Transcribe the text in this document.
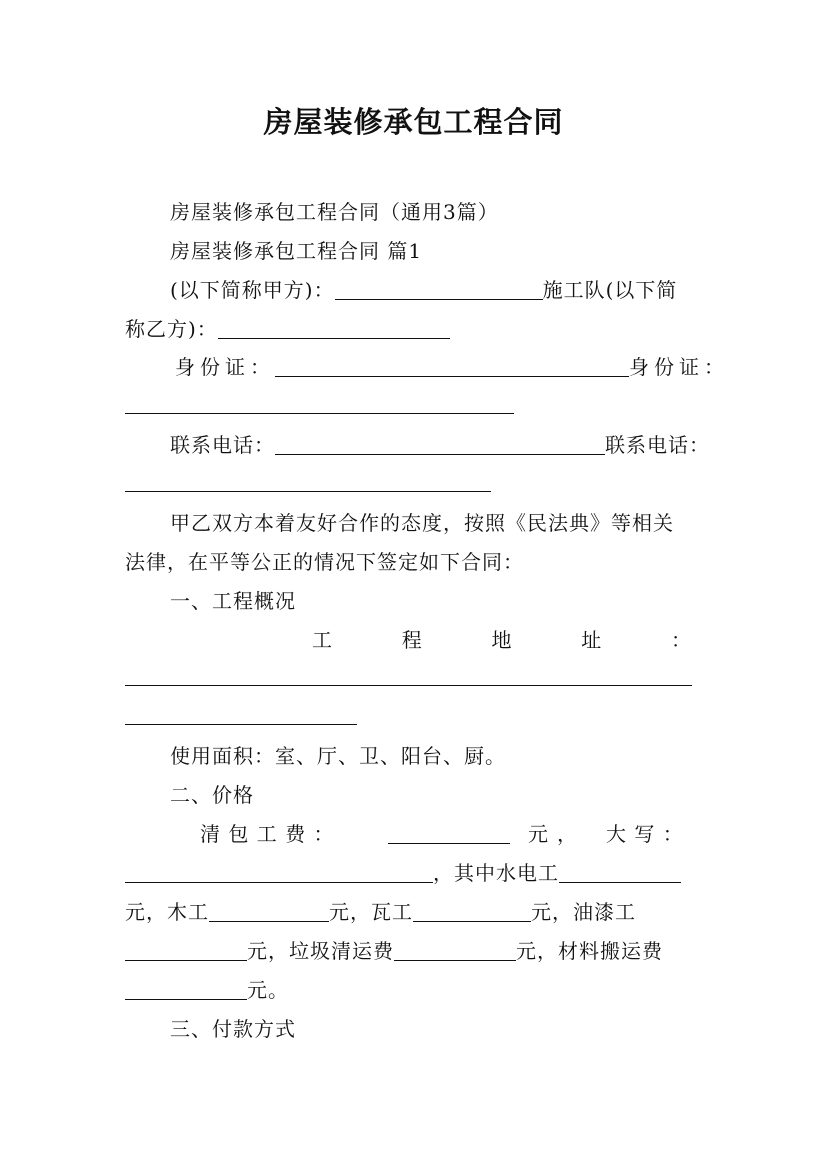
房屋装修承包工程合同
房屋装修承包工程合同（通用3篇）
房屋装修承包工程合同 篇1
(以下简称甲方)：	施工队(以下简
称乙方)：
身份证：	身份证：
联系电话：	联系电话：
甲乙双方本着友好合作的态度，按照《民法典》等相关
法律，在平等公正的情况下签定如下合同：
一、工程概况
工	程	地	址	：
使用面积：室、厅、卫、阳台、厨。
二、价格
清 包 工 费 ：	元 ， 大 写 ：
，其中水电工
元，木工	元，瓦工	元，油漆工
元，垃圾清运费	元，材料搬运费
元。
三、付款方式
